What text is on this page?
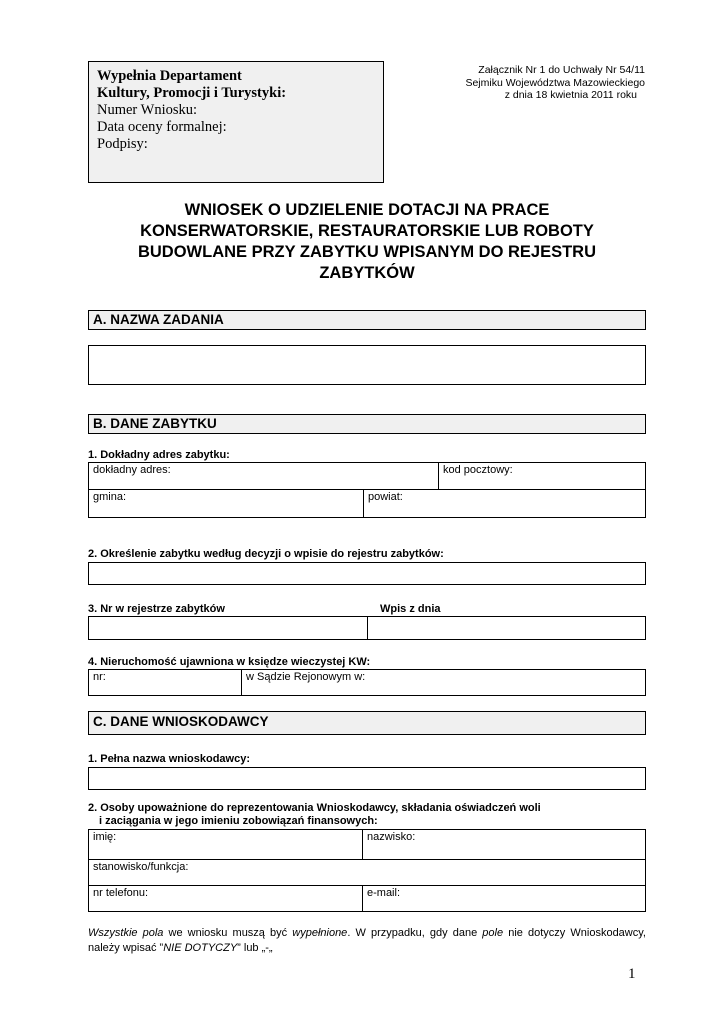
Wypełnia Departament
Kultury, Promocji i Turystyki:
Numer Wniosku:
Data oceny formalnej:
Podpisy:
Załącznik Nr 1 do Uchwały Nr 54/11
Sejmiku Województwa Mazowieckiego
z dnia 18 kwietnia 2011 roku
WNIOSEK O UDZIELENIE DOTACJI NA PRACE
KONSERWATORSKIE, RESTAURATORSKIE LUB ROBOTY
BUDOWLANE PRZY ZABYTKU WPISANYM DO REJESTRU
ZABYTKÓW
A. NAZWA ZADANIA
B. DANE ZABYTKU
1. Dokładny adres zabytku:
dokładny adres:	kod pocztowy:
gmina:	powiat:
2. Określenie zabytku według decyzji o wpisie do rejestru zabytków:
3. Nr w rejestrze zabytków	Wpis z dnia
4. Nieruchomość ujawniona w księdze wieczystej KW:
nr:	w Sądzie Rejonowym w:
C. DANE WNIOSKODAWCY
1. Pełna nazwa wnioskodawcy:
2. Osoby upoważnione do reprezentowania Wnioskodawcy, składania oświadczeń woli
i zaciągania w jego imieniu zobowiązań finansowych:
imię:	nazwisko:
stanowisko/funkcja:
nr telefonu:	e-mail:
Wszystkie pola we wniosku muszą być wypełnione. W przypadku, gdy dane pole nie dotyczy Wnioskodawcy, należy wpisać ”NIE DOTYCZY” lub „-„
1
